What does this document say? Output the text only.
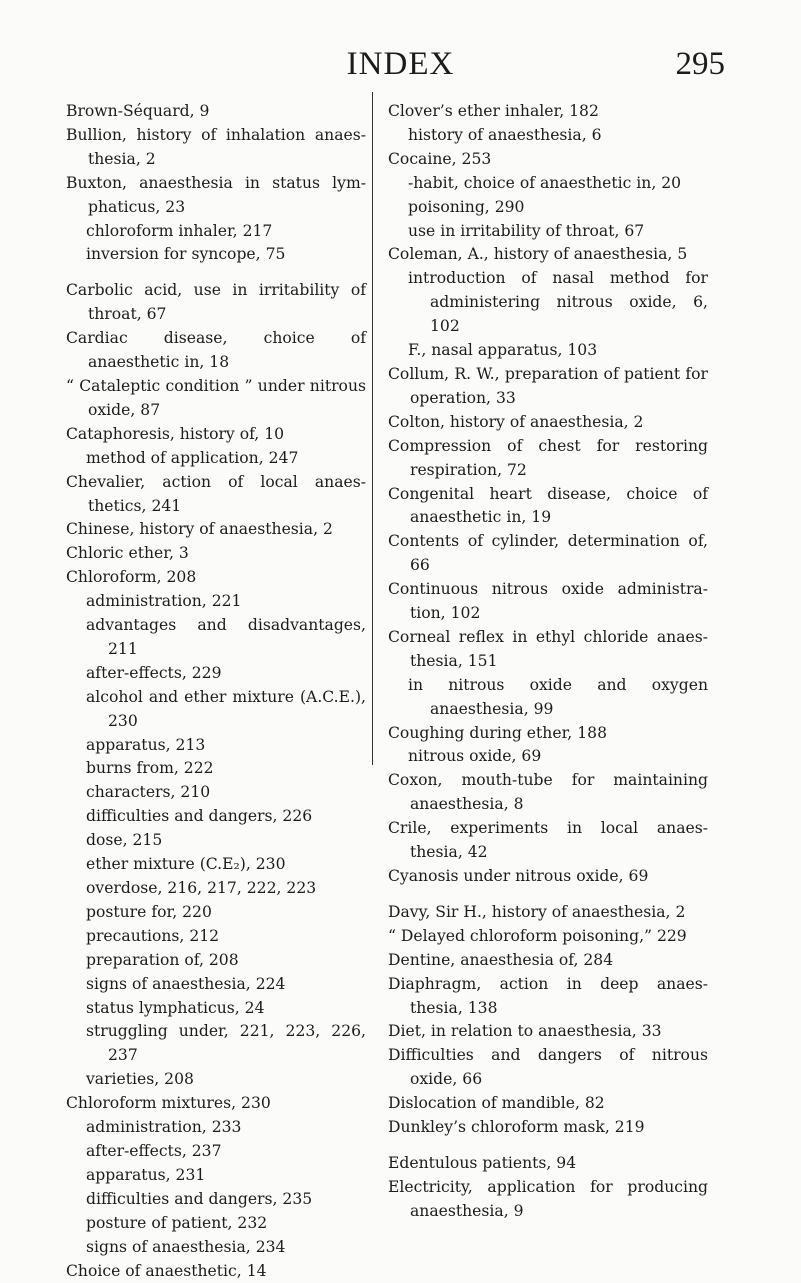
INDEX	295

Brown-Séquard, 9

Bullion, history of inhalation anaes- thesia, 2

Buxton, anaesthesia in status lym- phaticus, 23

chloroform inhaler, 217

inversion for syncope, 75

Carbolic acid, use in irritability of throat, 67

Cardiac disease, choice of anaesthetic in, 18

“ Cataleptic condition ” under nitrous oxide, 87

Cataphoresis, history of, 10

method of application, 247

Chevalier, action of local anaes- thetics, 241

Chinese, history of anaesthesia, 2

Chloric ether, 3

Chloroform, 208

administration, 221

advantages and disadvantages, 211

after-effects, 229

alcohol and ether mixture (A.C.E.), 230

apparatus, 213

burns from, 222

characters, 210

difficulties and dangers, 226

dose, 215

ether mixture (C.E₂), 230

overdose, 216, 217, 222, 223

posture for, 220

precautions, 212

preparation of, 208

signs of anaesthesia, 224

status lymphaticus, 24

struggling under, 221, 223, 226, 237

varieties, 208

Chloroform mixtures, 230

administration, 233

after-effects, 237

apparatus, 231

difficulties and dangers, 235

posture of patient, 232

signs of anaesthesia, 234

Choice of anaesthetic, 14

Clover’s ether inhaler, 182

history of anaesthesia, 6

Cocaine, 253

-habit, choice of anaesthetic in, 20

poisoning, 290

use in irritability of throat, 67

Coleman, A., history of anaesthesia, 5

introduction of nasal method for administering nitrous oxide, 6, 102

F., nasal apparatus, 103

Collum, R. W., preparation of patient for operation, 33

Colton, history of anaesthesia, 2

Compression of chest for restoring respiration, 72

Congenital heart disease, choice of anaesthetic in, 19

Contents of cylinder, determination of, 66

Continuous nitrous oxide administra- tion, 102

Corneal reflex in ethyl chloride anaes- thesia, 151

in nitrous oxide and oxygen anaesthesia, 99

Coughing during ether, 188

nitrous oxide, 69

Coxon, mouth-tube for maintaining anaesthesia, 8

Crile, experiments in local anaes- thesia, 42

Cyanosis under nitrous oxide, 69

Davy, Sir H., history of anaesthesia, 2

“ Delayed chloroform poisoning,” 229

Dentine, anaesthesia of, 284

Diaphragm, action in deep anaes- thesia, 138

Diet, in relation to anaesthesia, 33

Difficulties and dangers of nitrous oxide, 66

Dislocation of mandible, 82

Dunkley’s chloroform mask, 219

Edentulous patients, 94

Electricity, application for producing anaesthesia, 9
